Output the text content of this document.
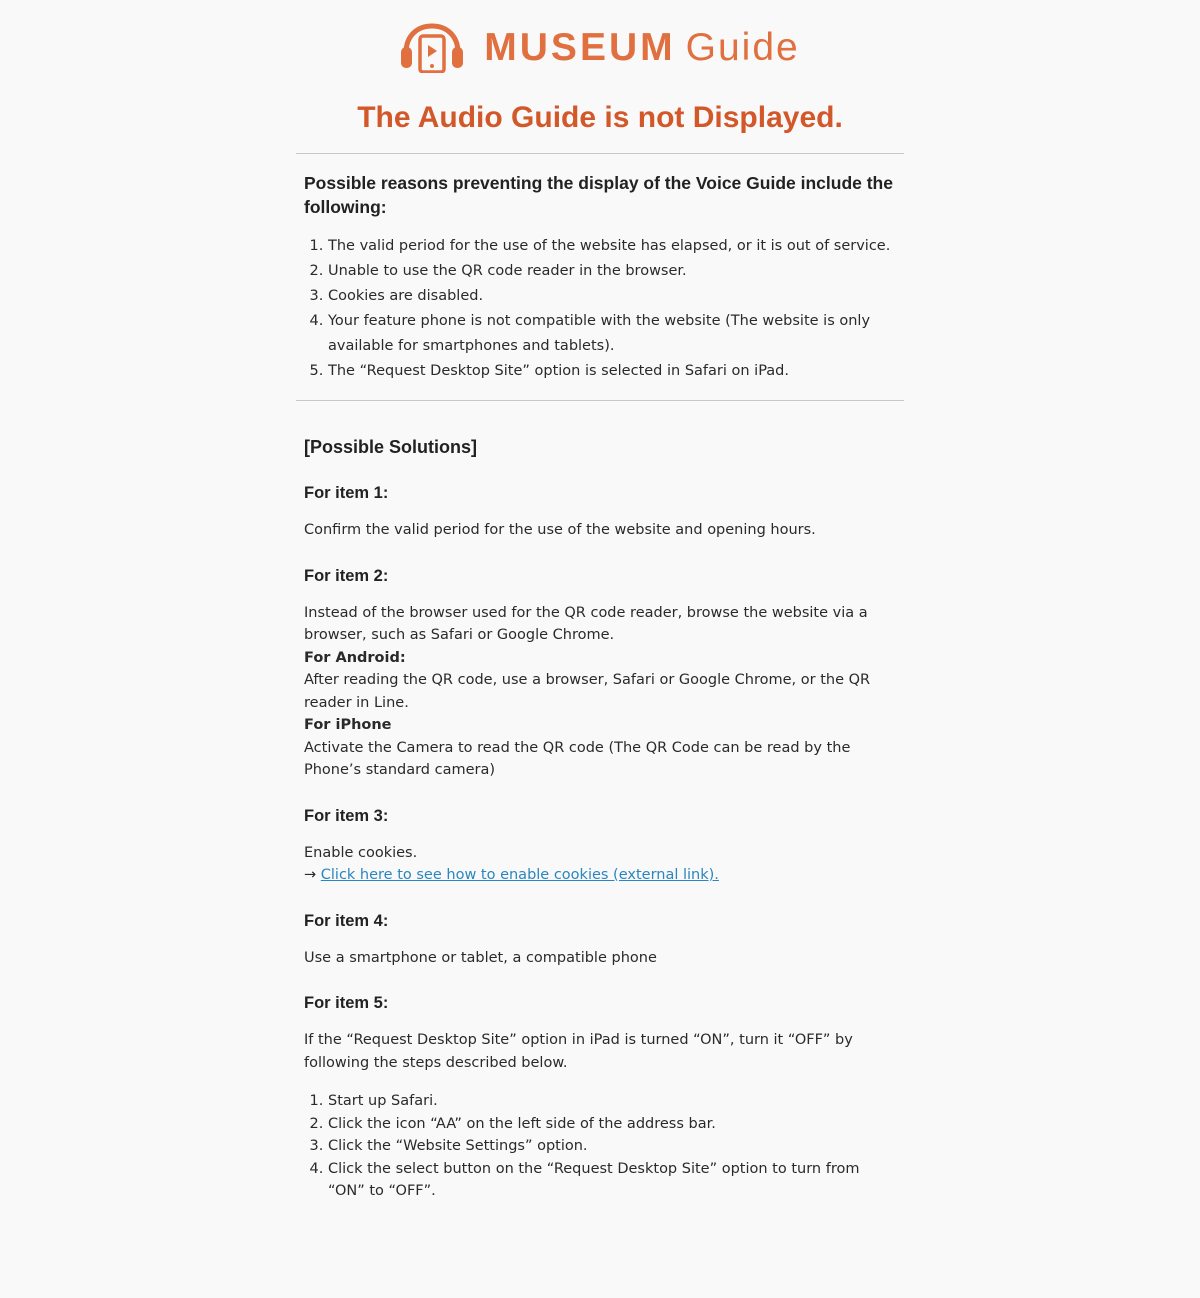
MUSEUM Guide
The Audio Guide is not Displayed.

Possible reasons preventing the display of the Voice Guide include the following:

1. The valid period for the use of the website has elapsed, or it is out of service.
2. Unable to use the QR code reader in the browser.
3. Cookies are disabled.
4. Your feature phone is not compatible with the website (The website is only available for smartphones and tablets).
5. The “Request Desktop Site” option is selected in Safari on iPad.

[Possible Solutions]

For item 1:

Confirm the valid period for the use of the website and opening hours.

For item 2:

Instead of the browser used for the QR code reader, browse the website via a browser, such as Safari or Google Chrome.
For Android:
After reading the QR code, use a browser, Safari or Google Chrome, or the QR reader in Line.
For iPhone
Activate the Camera to read the QR code (The QR Code can be read by the Phone’s standard camera)

For item 3:

Enable cookies.
→ Click here to see how to enable cookies (external link).

For item 4:

Use a smartphone or tablet, a compatible phone

For item 5:

If the “Request Desktop Site” option in iPad is turned “ON”, turn it “OFF” by following the steps described below.

1. Start up Safari.
2. Click the icon “AA” on the left side of the address bar.
3. Click the “Website Settings” option.
4. Click the select button on the “Request Desktop Site” option to turn from “ON” to “OFF”.
